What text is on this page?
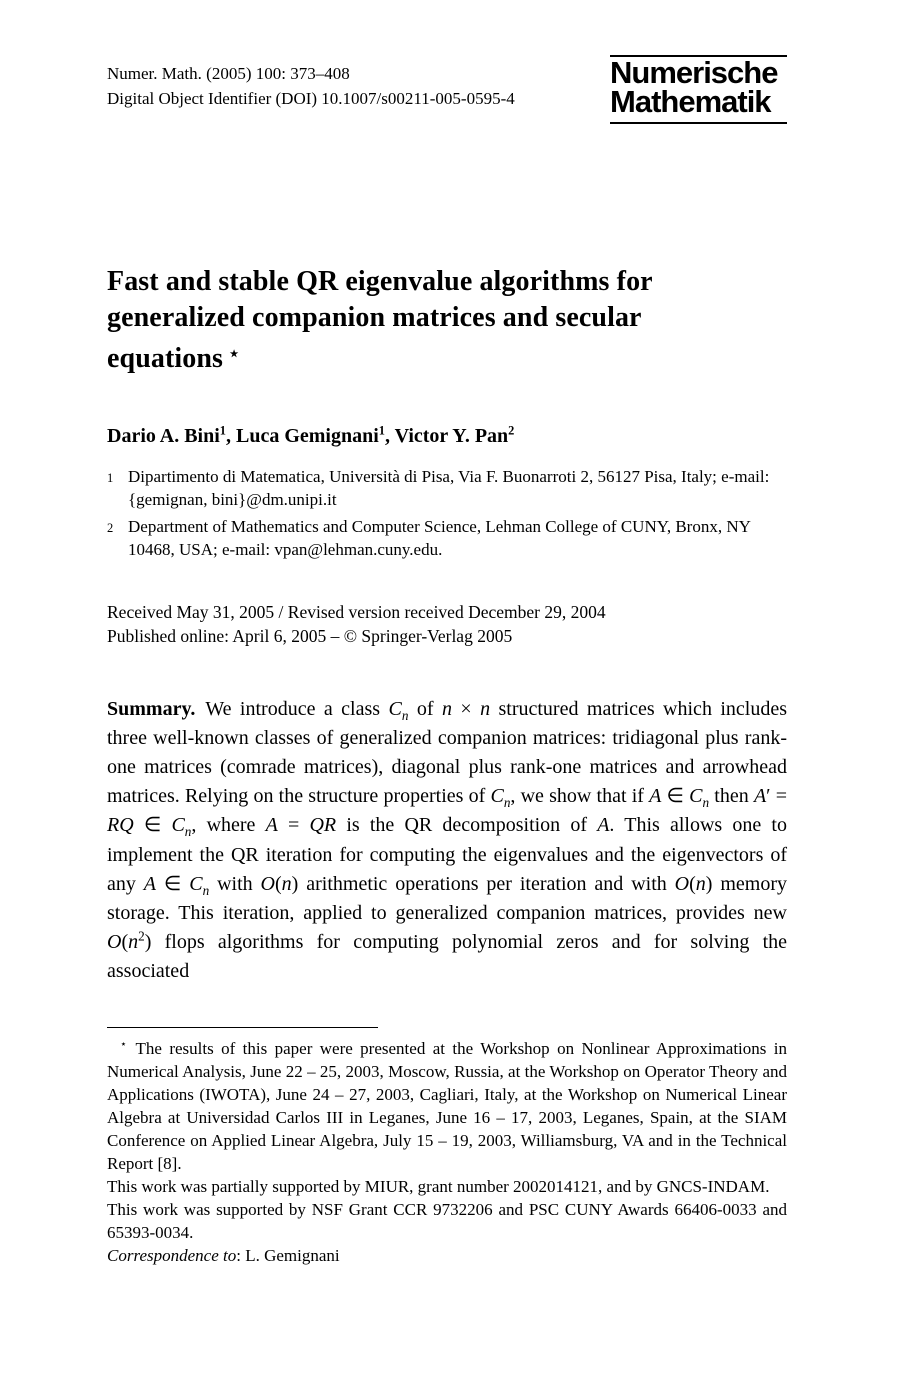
Numer. Math. (2005) 100: 373–408
Digital Object Identifier (DOI) 10.1007/s00211-005-0595-4
Numerische
Mathematik
Fast and stable QR eigenvalue algorithms for
generalized companion matrices and secular
equations ⋆
Dario A. Bini$^1$, Luca Gemignani$^1$, Victor Y. Pan$^2$
1 Dipartimento di Matematica, Università di Pisa, Via F. Buonarroti 2, 56127 Pisa, Italy; e-mail: {gemignan, bini}@dm.unipi.it
2 Department of Mathematics and Computer Science, Lehman College of CUNY, Bronx, NY 10468, USA; e-mail: vpan@lehman.cuny.edu.
Received May 31, 2005 / Revised version received December 29, 2004
Published online: April 6, 2005 – © Springer-Verlag 2005

Summary. We introduce a class $C_n$ of n × n structured matrices which includes three well-known classes of generalized companion matrices: tridiagonal plus rank-one matrices (comrade matrices), diagonal plus rank-one matrices and arrowhead matrices. Relying on the structure properties of $C_n$, we show that if A ∈ $C_n$ then A′ = RQ ∈ $C_n$, where A = QR is the QR decomposition of A. This allows one to implement the QR iteration for computing the eigenvalues and the eigenvectors of any A ∈ $C_n$ with O(n) arithmetic operations per iteration and with O(n) memory storage. This iteration, applied to generalized companion matrices, provides new $O(n^2)$ flops algorithms for computing polynomial zeros and for solving the associated

⋆ The results of this paper were presented at the Workshop on Nonlinear Approximations in Numerical Analysis, June 22 – 25, 2003, Moscow, Russia, at the Workshop on Operator Theory and Applications (IWOTA), June 24 – 27, 2003, Cagliari, Italy, at the Workshop on Numerical Linear Algebra at Universidad Carlos III in Leganes, June 16 – 17, 2003, Leganes, Spain, at the SIAM Conference on Applied Linear Algebra, July 15 – 19, 2003, Williamsburg, VA and in the Technical Report [8].

This work was partially supported by MIUR, grant number 2002014121, and by GNCS-INDAM.

This work was supported by NSF Grant CCR 9732206 and PSC CUNY Awards 66406-0033 and 65393-0034.

Correspondence to: L. Gemignani
